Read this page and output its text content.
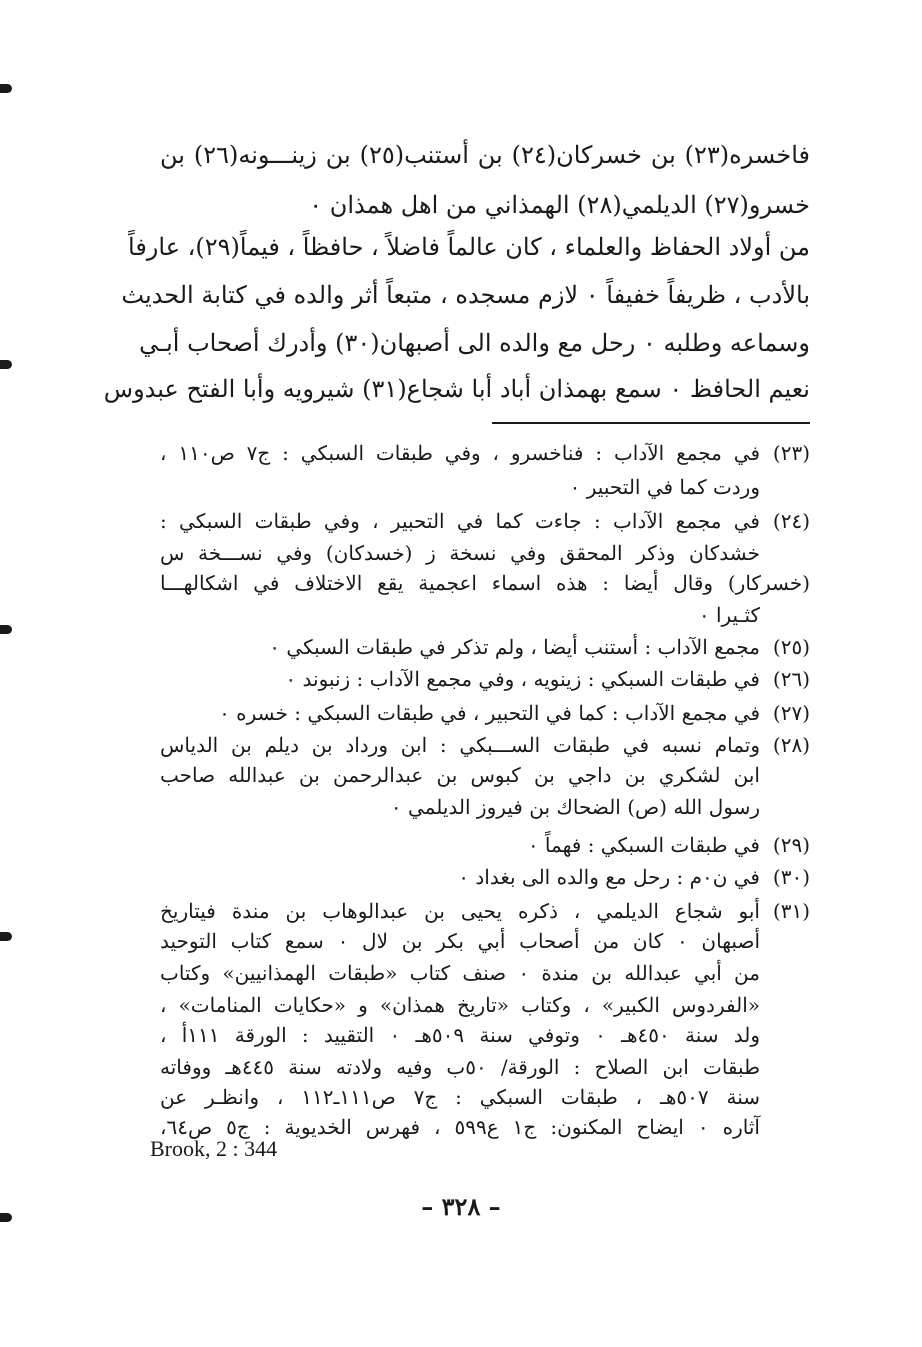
فاخسره(٢٣) بن خسركان(٢٤) بن أستنب(٢٥) بن زينـــونه(٢٦) بن
خسرو(٢٧) الديلمي(٢٨) الهمذاني من اهل همذان ٠
من أولاد الحفاظ والعلماء ، كان عالماً فاضلاً ، حافظاً ، فيماً(٢٩)، عارفاً
بالأدب ، ظريفاً خفيفاً ٠ لازم مسجده ، متبعاً أثر والده في كتابة الحديث
وسماعه وطلبه ٠ رحل مع والده الى أصبهان(٣٠) وأدرك أصحاب أبـي
نعيم الحافظ ٠ سمع بهمذان أباد أبا شجاع(٣١) شيرويه وأبا الفتح عبدوس
(٢٣)في مجمع الآداب : فناخسرو ، وفي طبقات السبكي : ج٧ ص١١٠ ،
وردت كما في التحبير ٠
(٢٤)في مجمع الآداب : جاءت كما في التحبير ، وفي طبقات السبكي :
خشدكان وذكر المحقق وفي نسخة ز (خسدكان) وفي نســـخة س
(خسركار) وقال أيضا : هذه اسماء اعجمية يقع الاختلاف في اشكالهـــا
كثـيرا ٠
(٢٥)مجمع الآداب : أستنب أيضا ، ولم تذكر في طبقات السبكي ٠
(٢٦)في طبقات السبكي : زينويه ، وفي مجمع الآداب : زنبوند ٠
(٢٧)في مجمع الآداب : كما في التحبير ، في طبقات السبكي : خسره ٠
(٢٨)وتمام نسبه في طبقات الســـبكي : ابن ورداد بن ديلم بن الدياس
ابن لشكري بن داجي بن كبوس بن عبدالرحمن بن عبدالله صاحب
رسول الله (ص) الضحاك بن فيروز الديلمي ٠
(٢٩)في طبقات السبكي : فهماً ٠
(٣٠)في ن٠م : رحل مع والده الى بغداد ٠
(٣١)أبو شجاع الديلمي ، ذكره يحيى بن عبدالوهاب بن مندة فيتاريخ
أصبهان ٠ كان من أصحاب أبي بكر بن لال ٠ سمع كتاب التوحيد
من أبي عبدالله بن مندة ٠ صنف كتاب «طبقات الهمذانيين» وكتاب
«الفردوس الكبير» ، وكتاب «تاريخ همذان» و «حكايات المنامات» ،
ولد سنة ٤٥٠هـ ٠ وتوفي سنة ٥٠٩هـ ٠ التقييد : الورقة ١١١أ ،
طبقات ابن الصلاح : الورقة/ ٥٠ب وفيه ولادته سنة ٤٤٥هـ ووفاته
سنة ٥٠٧هـ ، طبقات السبكي : ج٧ ص١١١ـ١١٢ ، وانظـر عن
آثاره ٠ ايضاح المكنون: ج١ ع٥٩٩ ، فهرس الخديوية : ج٥ ص٦٤،
Brook, 2 : 344
– ٣٢٨ –
